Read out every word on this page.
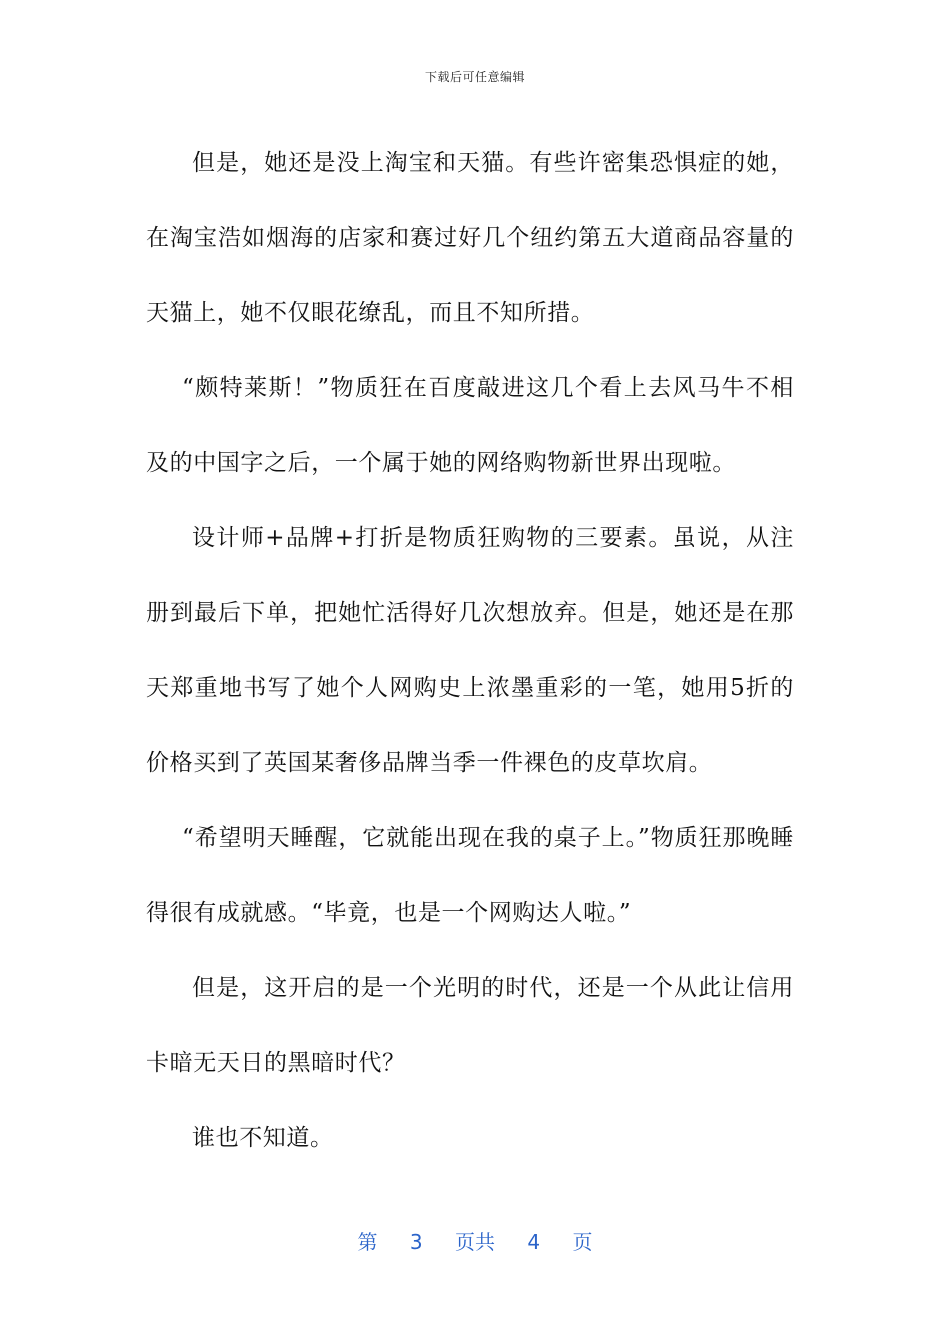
下载后可任意编辑

但是，她还是没上淘宝和天猫。有些许密集恐惧症的她，在淘宝浩如烟海的店家和赛过好几个纽约第五大道商品容量的天猫上，她不仅眼花缭乱，而且不知所措。

“颇特莱斯！”物质狂在百度敲进这几个看上去风马牛不相及的中国字之后，一个属于她的网络购物新世界出现啦。

设计师+品牌+打折是物质狂购物的三要素。虽说，从注册到最后下单，把她忙活得好几次想放弃。但是，她还是在那天郑重地书写了她个人网购史上浓墨重彩的一笔，她用5折的价格买到了英国某奢侈品牌当季一件裸色的皮草坎肩。

“希望明天睡醒，它就能出现在我的桌子上。”物质狂那晚睡得很有成就感。“毕竟，也是一个网购达人啦。”

但是，这开启的是一个光明的时代，还是一个从此让信用卡暗无天日的黑暗时代？

谁也不知道。

第 3 页共 4 页
